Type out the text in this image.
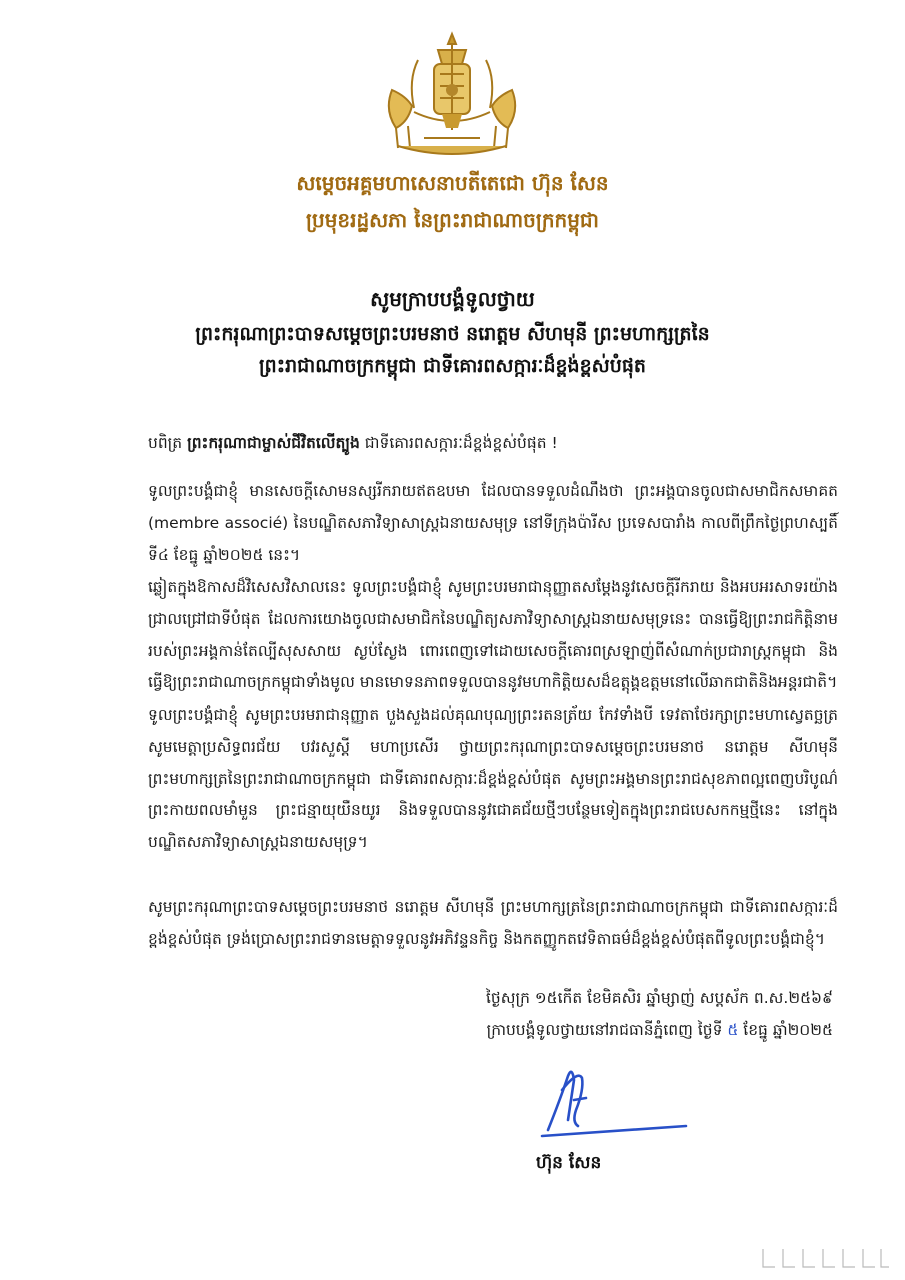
សម្តេចអគ្គមហាសេនាបតីតេជោ ហ៊ុន សែន
ប្រមុខរដ្ឋសភា នៃព្រះរាជាណាចក្រកម្ពុជា
សូមក្រាបបង្គំទូលថ្វាយ
ព្រះករុណាព្រះបាទសម្តេចព្រះបរមនាថ នរោត្តម សីហមុនី ព្រះមហាក្សត្រនៃ
ព្រះរាជាណាចក្រកម្ពុជា ជាទីគោរពសក្ការៈដ៏ខ្ពង់ខ្ពស់បំផុត

បពិត្រ ព្រះករុណាជាម្ចាស់ជីវិតលើត្បូង ជាទីគោរពសក្ការៈដ៏ខ្ពង់ខ្ពស់បំផុត !

ទូលព្រះបង្គំជាខ្ញុំ មានសេចក្តីសោមនស្សរីករាយឥតឧបមា ដែលបានទទួលដំណឹងថា ព្រះអង្គបានចូលជាសមាជិកសមាគត (membre associé) នៃបណ្ឌិតសភាវិទ្យាសាស្ត្រឯនាយសមុទ្រ នៅទីក្រុងប៉ារីស ប្រទេសបារាំង កាលពីព្រឹកថ្ងៃព្រហស្បតិ៍ ទី៤ ខែធ្នូ ឆ្នាំ២០២៥ នេះ។

ឆ្លៀតក្នុងឱកាសដ៏វិសេសវិសាលនេះ ទូលព្រះបង្គំជាខ្ញុំ សូមព្រះបរមរាជានុញ្ញាតសម្តែងនូវសេចក្តីរីករាយ និងអបអរសាទរយ៉ាងជ្រាលជ្រៅជាទីបំផុត ដែលការយោងចូលជាសមាជិកនៃបណ្ឌិត្យសភាវិទ្យាសាស្ត្រឯនាយសមុទ្រនេះ បានធ្វើឱ្យព្រះរាជកិត្តិនាមរបស់ព្រះអង្គកាន់តែល្បីសុសសាយ ស្ងប់ស្ងែង ពោរពេញទៅដោយសេចក្តីគោរពស្រឡាញ់ពីសំណាក់ប្រជារាស្ត្រកម្ពុជា និងធ្វើឱ្យព្រះរាជាណាចក្រកម្ពុជាទាំងមូល មានមោទនភាពទទួលបាននូវមហាកិត្តិយសដ៏ឧត្តុង្គឧត្តមនៅលើឆាកជាតិនិងអន្តរជាតិ។

ទូលព្រះបង្គំជាខ្ញុំ សូមព្រះបរមរាជានុញ្ញាត បួងសួងដល់គុណបុណ្យព្រះរតនត្រ័យ កែវទាំងបី ទេវតាថែរក្សាព្រះមហាស្វេតច្ឆត្រ សូមមេត្តាប្រសិទ្ធពរជ័យ បវរសួស្តី មហាប្រសើរ ថ្វាយព្រះករុណាព្រះបាទសម្តេចព្រះបរមនាថ នរោត្តម សីហមុនី ព្រះមហាក្សត្រនៃព្រះរាជាណាចក្រកម្ពុជា ជាទីគោរពសក្ការៈដ៏ខ្ពង់ខ្ពស់បំផុត សូមព្រះអង្គមានព្រះរាជសុខភាពល្អពេញបរិបូណ៌ ព្រះកាយពលមាំមួន ព្រះជន្មាយុយឺនយូរ និងទទួលបាននូវជោគជ័យថ្មីៗបន្ថែមទៀតក្នុងព្រះរាជបេសកកម្មថ្មីនេះ នៅក្នុងបណ្ឌិតសភាវិទ្យាសាស្ត្រឯនាយសមុទ្រ។

សូមព្រះករុណាព្រះបាទសម្តេចព្រះបរមនាថ នរោត្តម សីហមុនី ព្រះមហាក្សត្រនៃព្រះរាជាណាចក្រកម្ពុជា ជាទីគោរពសក្ការៈដ៏ខ្ពង់ខ្ពស់បំផុត ទ្រង់ប្រោសព្រះរាជទានមេត្តាទទួលនូវអភិវន្ទនកិច្ច និងកតញ្ញូកតវេទិតាធម៌ដ៏ខ្ពង់ខ្ពស់បំផុតពីទូលព្រះបង្គំជាខ្ញុំ។

ថ្ងៃសុក្រ ១៥កើត ខែមិគសិរ ឆ្នាំម្សាញ់ សប្តស័ក ព.ស.២៥៦៩
ក្រាបបង្គំទូលថ្វាយនៅរាជធានីភ្នំពេញ ថ្ងៃទី ៥ ខែធ្នូ ឆ្នាំ២០២៥
ហ៊ុន សែន
